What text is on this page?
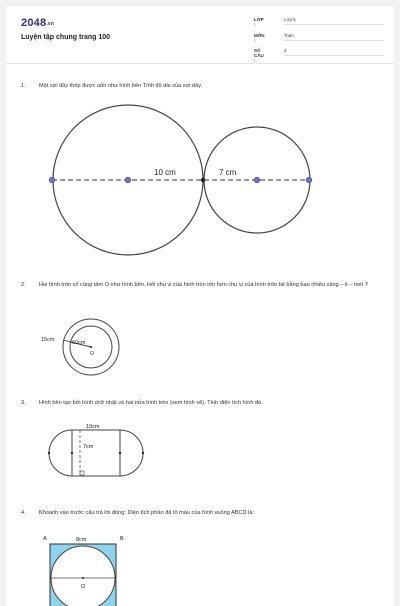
2048.vn
Luyện tập chung trang 100
LỚP :
Lớp 5
MÔN :
Toán
SỐ CÂU :
4
1. Một sợi dây thép được uốn như hình bên Tính độ dài của sợi dây.
10 cm	7 cm
2. Hai hình tròn có cùng tâm O như hình bên. Hỏi chu vi của hình tròn lớn hơn chu vi của hình tròn bé bằng bao nhiêu xăng – ti – mét ?
15cm	60cm
O
3. Hình bên tạo bởi hình chữ nhật và hai nửa hình tròn (xem hình vẽ). Tính diện tích hình đó.
10cm
7cm
4. Khoanh vào trước câu trả lời đúng: Diện tích phần đã tô màu của hình vuông ABCD là:
A	B
8cm
O
